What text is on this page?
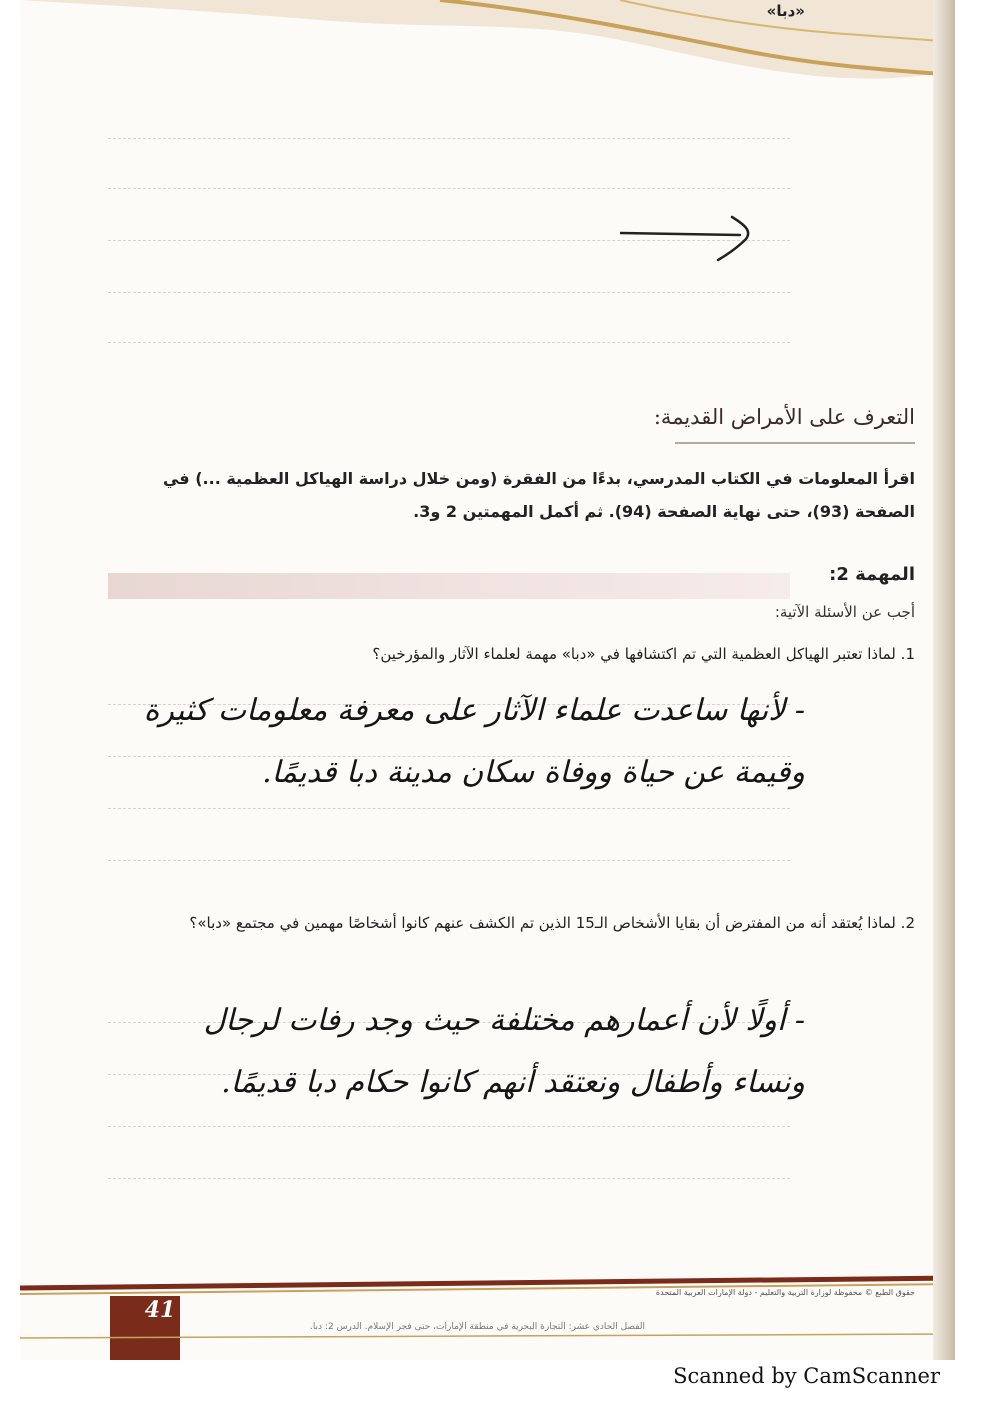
«دبا»
التعرف على الأمراض القديمة:
اقرأ المعلومات في الكتاب المدرسي، بدءًا من الفقرة (ومن خلال دراسة الهياكل العظمية ...) في الصفحة (93)، حتى نهاية الصفحة (94). ثم أكمل المهمتين 2 و3.
المهمة 2:
أجب عن الأسئلة الآتية:
1. لماذا تعتبر الهياكل العظمية التي تم اكتشافها في «دبا» مهمة لعلماء الآثار والمؤرخين؟
- لأنها ساعدت علماء الآثار على معرفة معلومات كثيرة وقيمة عن حياة ووفاة سكان مدينة دبا قديمًا.
2. لماذا يُعتقد أنه من المفترض أن بقايا الأشخاص الـ15 الذين تم الكشف عنهم كانوا أشخاصًا مهمين في مجتمع «دبا»؟
- أولًا لأن أعمارهم مختلفة حيث وجد رفات لرجال ونساء وأطفال ونعتقد أنهم كانوا حكام دبا قديمًا.
41
حقوق الطبع © محفوظة لوزارة التربية والتعليم - دولة الإمارات العربية المتحدة
الفصل الحادي عشر: التجارة البحرية في منطقة الإمارات، حتى فجر الإسلام. الدرس 2: دبا.
Scanned by CamScanner
